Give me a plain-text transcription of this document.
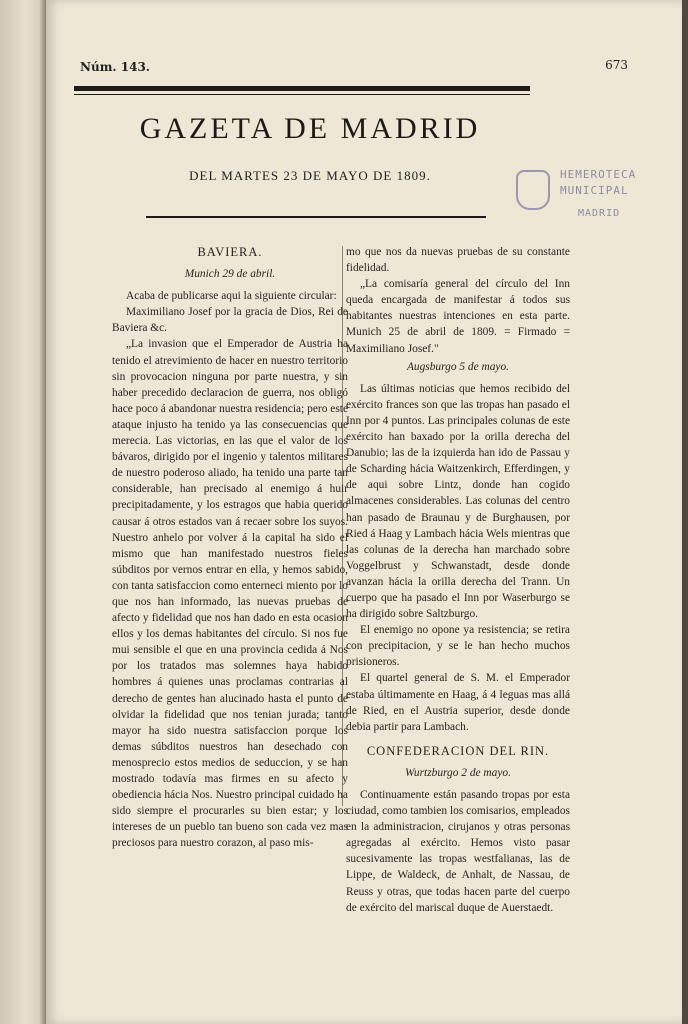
Núm. 143.	673
GAZETA DE MADRID
DEL MARTES 23 DE MAYO DE 1809.	HEMEROTECA
MUNICIPAL
MADRID
BAVIERA.
Munich 29 de abril.

Acaba de publicarse aqui la siguiente circular:

Maximiliano Josef por la gracia de Dios, Rei de Baviera &c.

„La invasion que el Emperador de Austria ha tenido el atrevimiento de hacer en nuestro territorio sin provocacion ninguna por parte nuestra, y sin haber precedido declaracion de guerra, nos obligó hace poco á abandonar nuestra residencia; pero este ataque injusto ha tenido ya las consecuencias que merecia. Las victorias, en las que el valor de los bávaros, dirigido por el ingenio y talentos militares de nuestro poderoso aliado, ha tenido una parte tan considerable, han precisado al enemigo á huir precipitadamente, y los estragos que habia querido causar á otros estados van á recaer sobre los suyos. Nuestro anhelo por volver á la capital ha sido el mismo que han manifestado nuestros fieles súbditos por vernos entrar en ella, y hemos sabido, con tanta satisfaccion como enterneci miento por lo que nos han informado, las nuevas pruebas de afecto y fidelidad que nos han dado en esta ocasion ellos y los demas habitantes del círculo. Si nos fue mui sensible el que en una provincia cedida á Nos por los tratados mas solemnes haya habido hombres á quienes unas proclamas contrarias al derecho de gentes han alucinado hasta el punto de olvidar la fidelidad que nos tenian jurada; tanto mayor ha sido nuestra satisfaccion porque los demas súbditos nuestros han desechado con menosprecio estos medios de seduccion, y se han mostrado todavía mas firmes en su afecto y obediencia hácia Nos. Nuestro principal cuidado ha sido siempre el procurarles su bien estar; y los intereses de un pueblo tan bueno son cada vez mas preciosos para nuestro corazon, al paso mis-

mo que nos da nuevas pruebas de su constante fidelidad.

„La comisaría general del círculo del Inn queda encargada de manifestar á todos sus habitantes nuestras intenciones en esta parte. Munich 25 de abril de 1809. = Firmado = Maximiliano Josef."

Augsburgo 5 de mayo.

Las últimas noticias que hemos recibido del exército frances son que las tropas han pasado el Inn por 4 puntos. Las principales colunas de este exército han baxado por la orilla derecha del Danubio; las de la izquierda han ido de Passau y de Scharding hácia Waitzenkirch, Efferdingen, y de aqui sobre Lintz, donde han cogido almacenes considerables. Las colunas del centro han pasado de Braunau y de Burghausen, por Ried á Haag y Lambach hácia Wels mientras que las colunas de la derecha han marchado sobre Voggelbrust y Schwanstadt, desde donde avanzan hácia la orilla derecha del Trann. Un cuerpo que ha pasado el Inn por Waserburgo se ha dirigido sobre Saltzburgo.

El enemigo no opone ya resistencia; se retira con precipitacion, y se le han hecho muchos prisioneros.

El quartel general de S. M. el Emperador estaba últimamente en Haag, á 4 leguas mas allá de Ried, en el Austria superior, desde donde debia partir para Lambach.

CONFEDERACION DEL RIN.
Wurtzburgo 2 de mayo.

Continuamente están pasando tropas por esta ciudad, como tambien los comisarios, empleados en la administracion, cirujanos y otras personas agregadas al exército. Hemos visto pasar sucesivamente las tropas westfalianas, las de Lippe, de Waldeck, de Anhalt, de Nassau, de Reuss y otras, que todas hacen parte del cuerpo de exército del mariscal duque de Auerstaedt.
